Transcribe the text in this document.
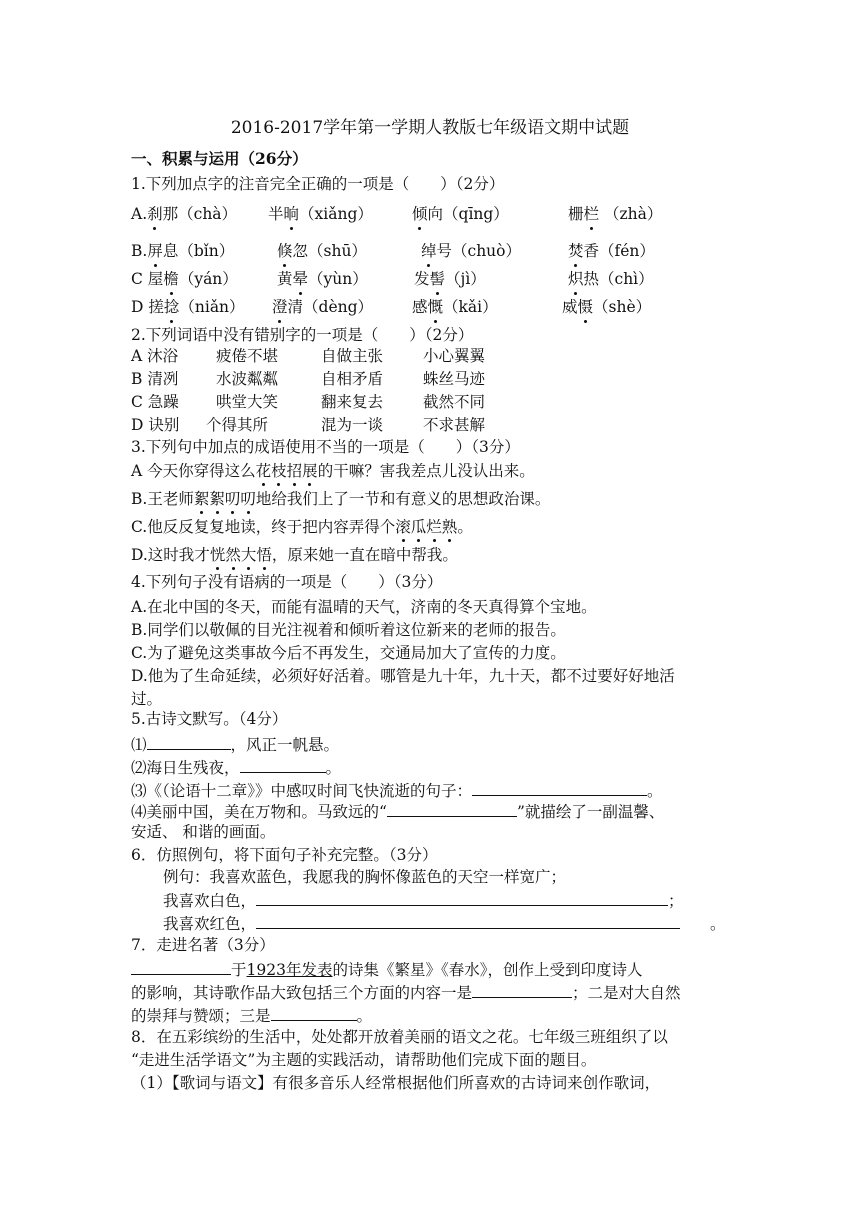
2016-2017学年第一学期人教版七年级语文期中试题
一、积累与运用（26分）
1.下列加点字的注音完全正确的一项是（　　）（2分）
A.刹那（chà） 半晌（xiǎng）	倾向（qīng）	栅栏 （zhà）
B.屏息（bǐn）	倏忽（shū）	绰号（chuò）	焚香（fén）
C 屋檐（yán）	黄晕（yùn）	发髻（jì）	炽热（chì）
D 搓捻（niǎn） 澄清（dèng）	感慨（kǎi）	威慑（shè）
2.下列词语中没有错别字的一项是（　　）（2分）
A 沐浴 疲倦不堪	自做主张	小心翼翼
B 清冽 水波粼粼	自相矛盾	蛛丝马迹
C 急躁 哄堂大笑	翻来复去	截然不同
D 诀别 个得其所	混为一谈	不求甚解
3.下列句中加点的成语使用不当的一项是（　　）（3分）
A 今天你穿得这么花枝招展的干嘛？害我差点儿没认出来。
B.王老师絮絮叨叨地给我们上了一节和有意义的思想政治课。
C.他反反复复地读，终于把内容弄得个滚瓜烂熟。
D.这时我才恍然大悟，原来她一直在暗中帮我。
4.下列句子没有语病的一项是（　　）（3分）
A.在北中国的冬天，而能有温晴的天气，济南的冬天真得算个宝地。
B.同学们以敬佩的目光注视着和倾听着这位新来的老师的报告。
C.为了避免这类事故今后不再发生，交通局加大了宣传的力度。
D.他为了生命延续，必须好好活着。哪管是九十年，九十天，都不过要好好地活
过。
5.古诗文默写。（4分）
⑴	，风正一帆悬。
⑵海日生残夜，	。
⑶《（论语十二章》》中感叹时间飞快流逝的句子：	。
⑷美丽中国，美在万物和。马致远的“	”就描绘了一副温馨、
安适、 和谐的画面。
6．仿照例句，将下面句子补充完整。（3分）
例句：我喜欢蓝色，我愿我的胸怀像蓝色的天空一样宽广；
我喜欢白色，	；
我喜欢红色，	。
7．走进名著（3分）
于1923年发表的诗集《繁星》《春水》，创作上受到印度诗人
的影响，其诗歌作品大致包括三个方面的内容一是	；二是对大自然
的崇拜与赞颂；三是	。
8．在五彩缤纷的生活中，处处都开放着美丽的语文之花。七年级三班组织了以
“走进生活学语文”为主题的实践活动，请帮助他们完成下面的题目。
（1）【歌词与语文】有很多音乐人经常根据他们所喜欢的古诗词来创作歌词，
